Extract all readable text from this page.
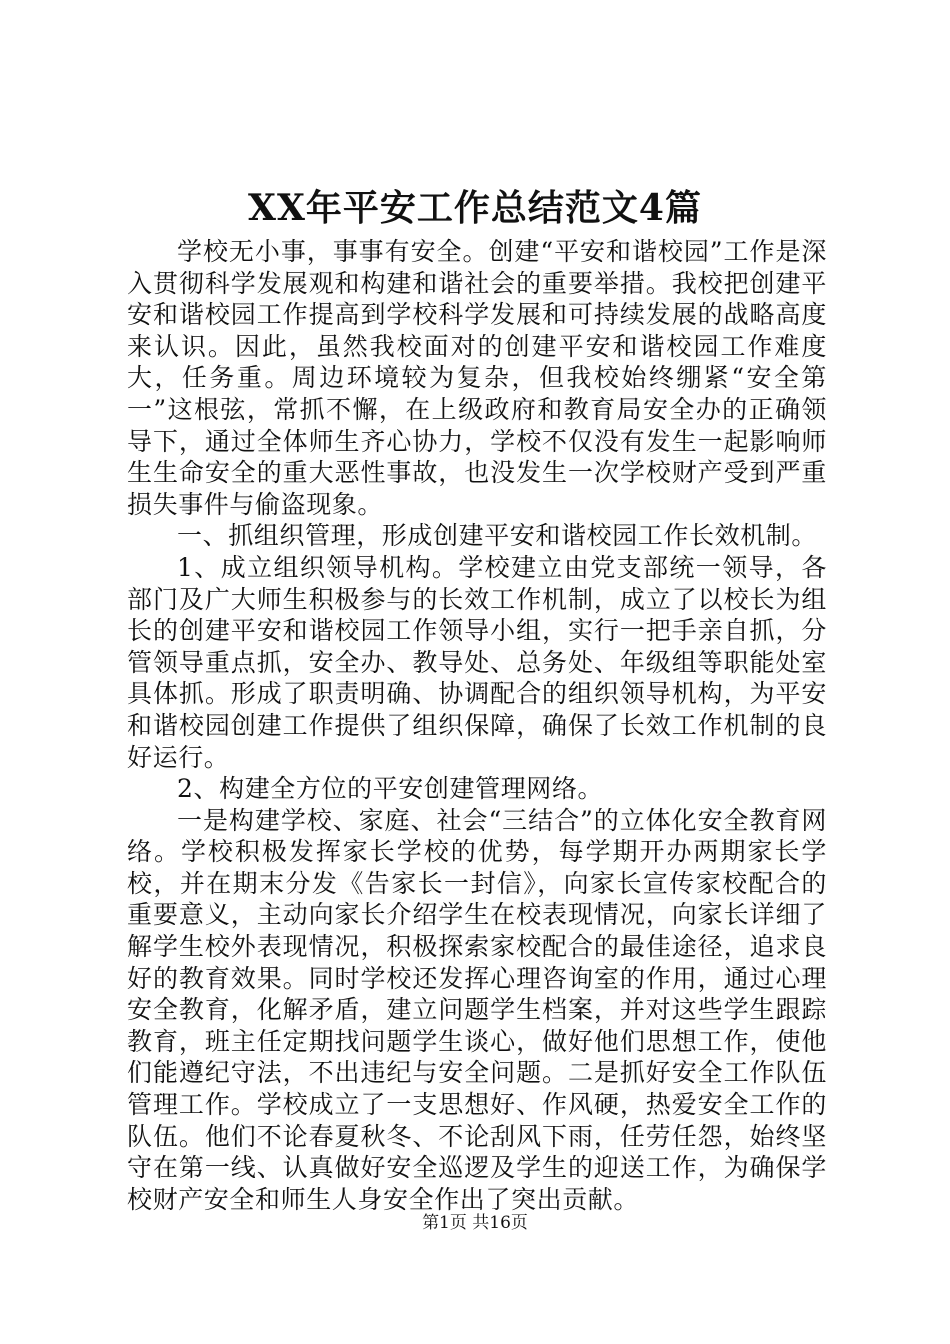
XX年平安工作总结范文4篇

学校无小事，事事有安全。创建“平安和谐校园”工作是深入贯彻科学发展观和构建和谐社会的重要举措。我校把创建平安和谐校园工作提高到学校科学发展和可持续发展的战略高度来认识。因此，虽然我校面对的创建平安和谐校园工作难度大，任务重。周边环境较为复杂，但我校始终绷紧“安全第一”这根弦，常抓不懈，在上级政府和教育局安全办的正确领导下，通过全体师生齐心协力，学校不仅没有发生一起影响师生生命安全的重大恶性事故，也没发生一次学校财产受到严重损失事件与偷盗现象。

一、抓组织管理，形成创建平安和谐校园工作长效机制。

1、成立组织领导机构。学校建立由党支部统一领导，各部门及广大师生积极参与的长效工作机制，成立了以校长为组长的创建平安和谐校园工作领导小组，实行一把手亲自抓，分管领导重点抓，安全办、教导处、总务处、年级组等职能处室具体抓。形成了职责明确、协调配合的组织领导机构，为平安和谐校园创建工作提供了组织保障，确保了长效工作机制的良好运行。

2、构建全方位的平安创建管理网络。

一是构建学校、家庭、社会“三结合”的立体化安全教育网络。学校积极发挥家长学校的优势，每学期开办两期家长学校，并在期末分发《告家长一封信》，向家长宣传家校配合的重要意义，主动向家长介绍学生在校表现情况，向家长详细了解学生校外表现情况，积极探索家校配合的最佳途径，追求良好的教育效果。同时学校还发挥心理咨询室的作用，通过心理安全教育，化解矛盾，建立问题学生档案，并对这些学生跟踪教育，班主任定期找问题学生谈心，做好他们思想工作，使他们能遵纪守法，不出违纪与安全问题。二是抓好安全工作队伍管理工作。学校成立了一支思想好、作风硬，热爱安全工作的队伍。他们不论春夏秋冬、不论刮风下雨，任劳任怨，始终坚守在第一线、认真做好安全巡逻及学生的迎送工作，为确保学校财产安全和师生人身安全作出了突出贡献。

第1页 共16页
